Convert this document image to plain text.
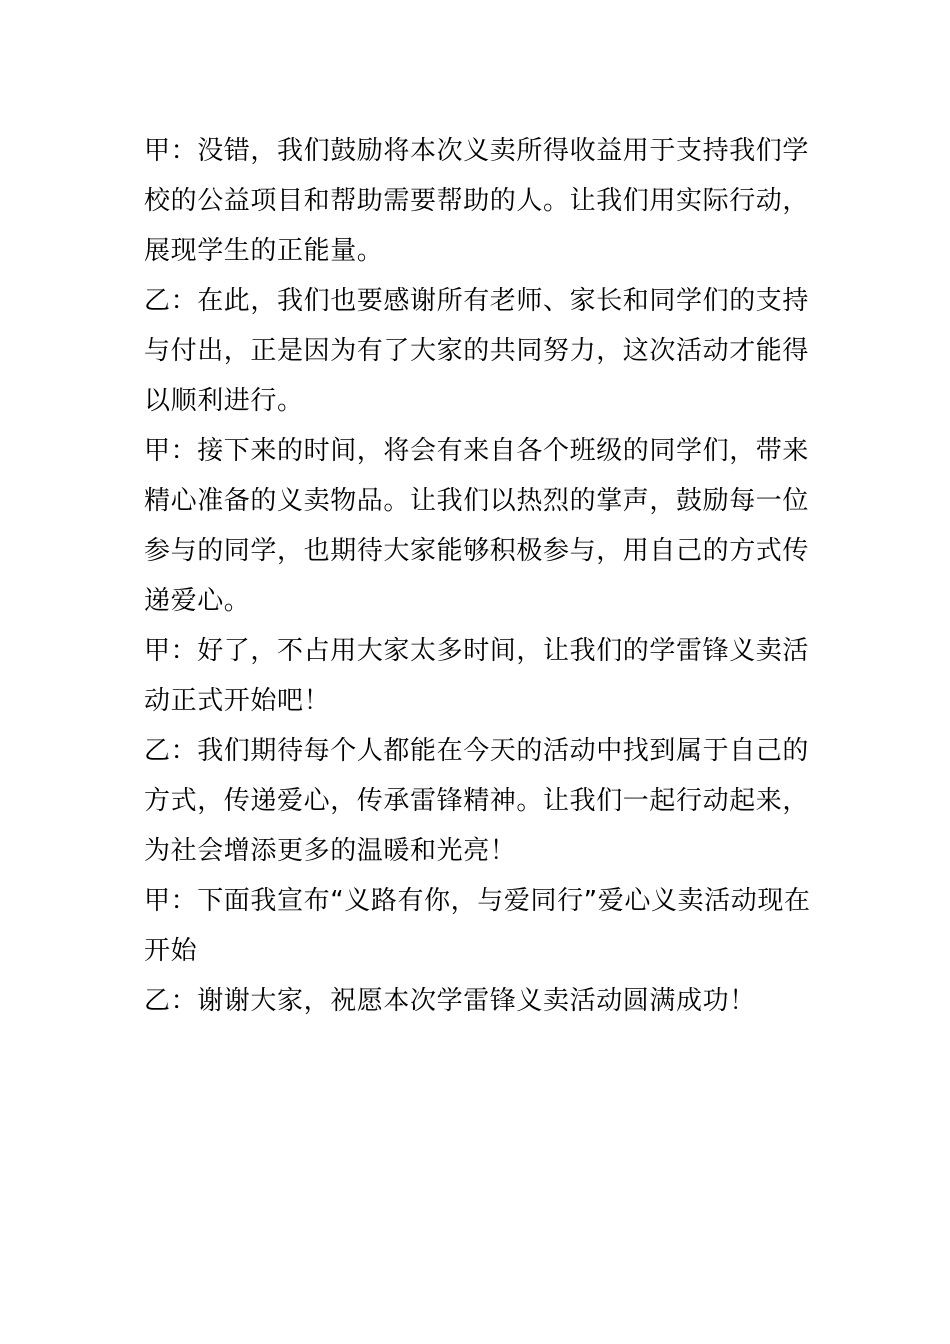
甲：没错，我们鼓励将本次义卖所得收益用于支持我们学校的公益项目和帮助需要帮助的人。让我们用实际行动，展现学生的正能量。

乙：在此，我们也要感谢所有老师、家长和同学们的支持与付出，正是因为有了大家的共同努力，这次活动才能得以顺利进行。

甲：接下来的时间，将会有来自各个班级的同学们，带来精心准备的义卖物品。让我们以热烈的掌声，鼓励每一位参与的同学，也期待大家能够积极参与，用自己的方式传递爱心。

甲：好了，不占用大家太多时间，让我们的学雷锋义卖活动正式开始吧！

乙：我们期待每个人都能在今天的活动中找到属于自己的方式，传递爱心，传承雷锋精神。让我们一起行动起来，为社会增添更多的温暖和光亮！

甲：下面我宣布“义路有你，与爱同行”爱心义卖活动现在开始

乙：谢谢大家，祝愿本次学雷锋义卖活动圆满成功！
